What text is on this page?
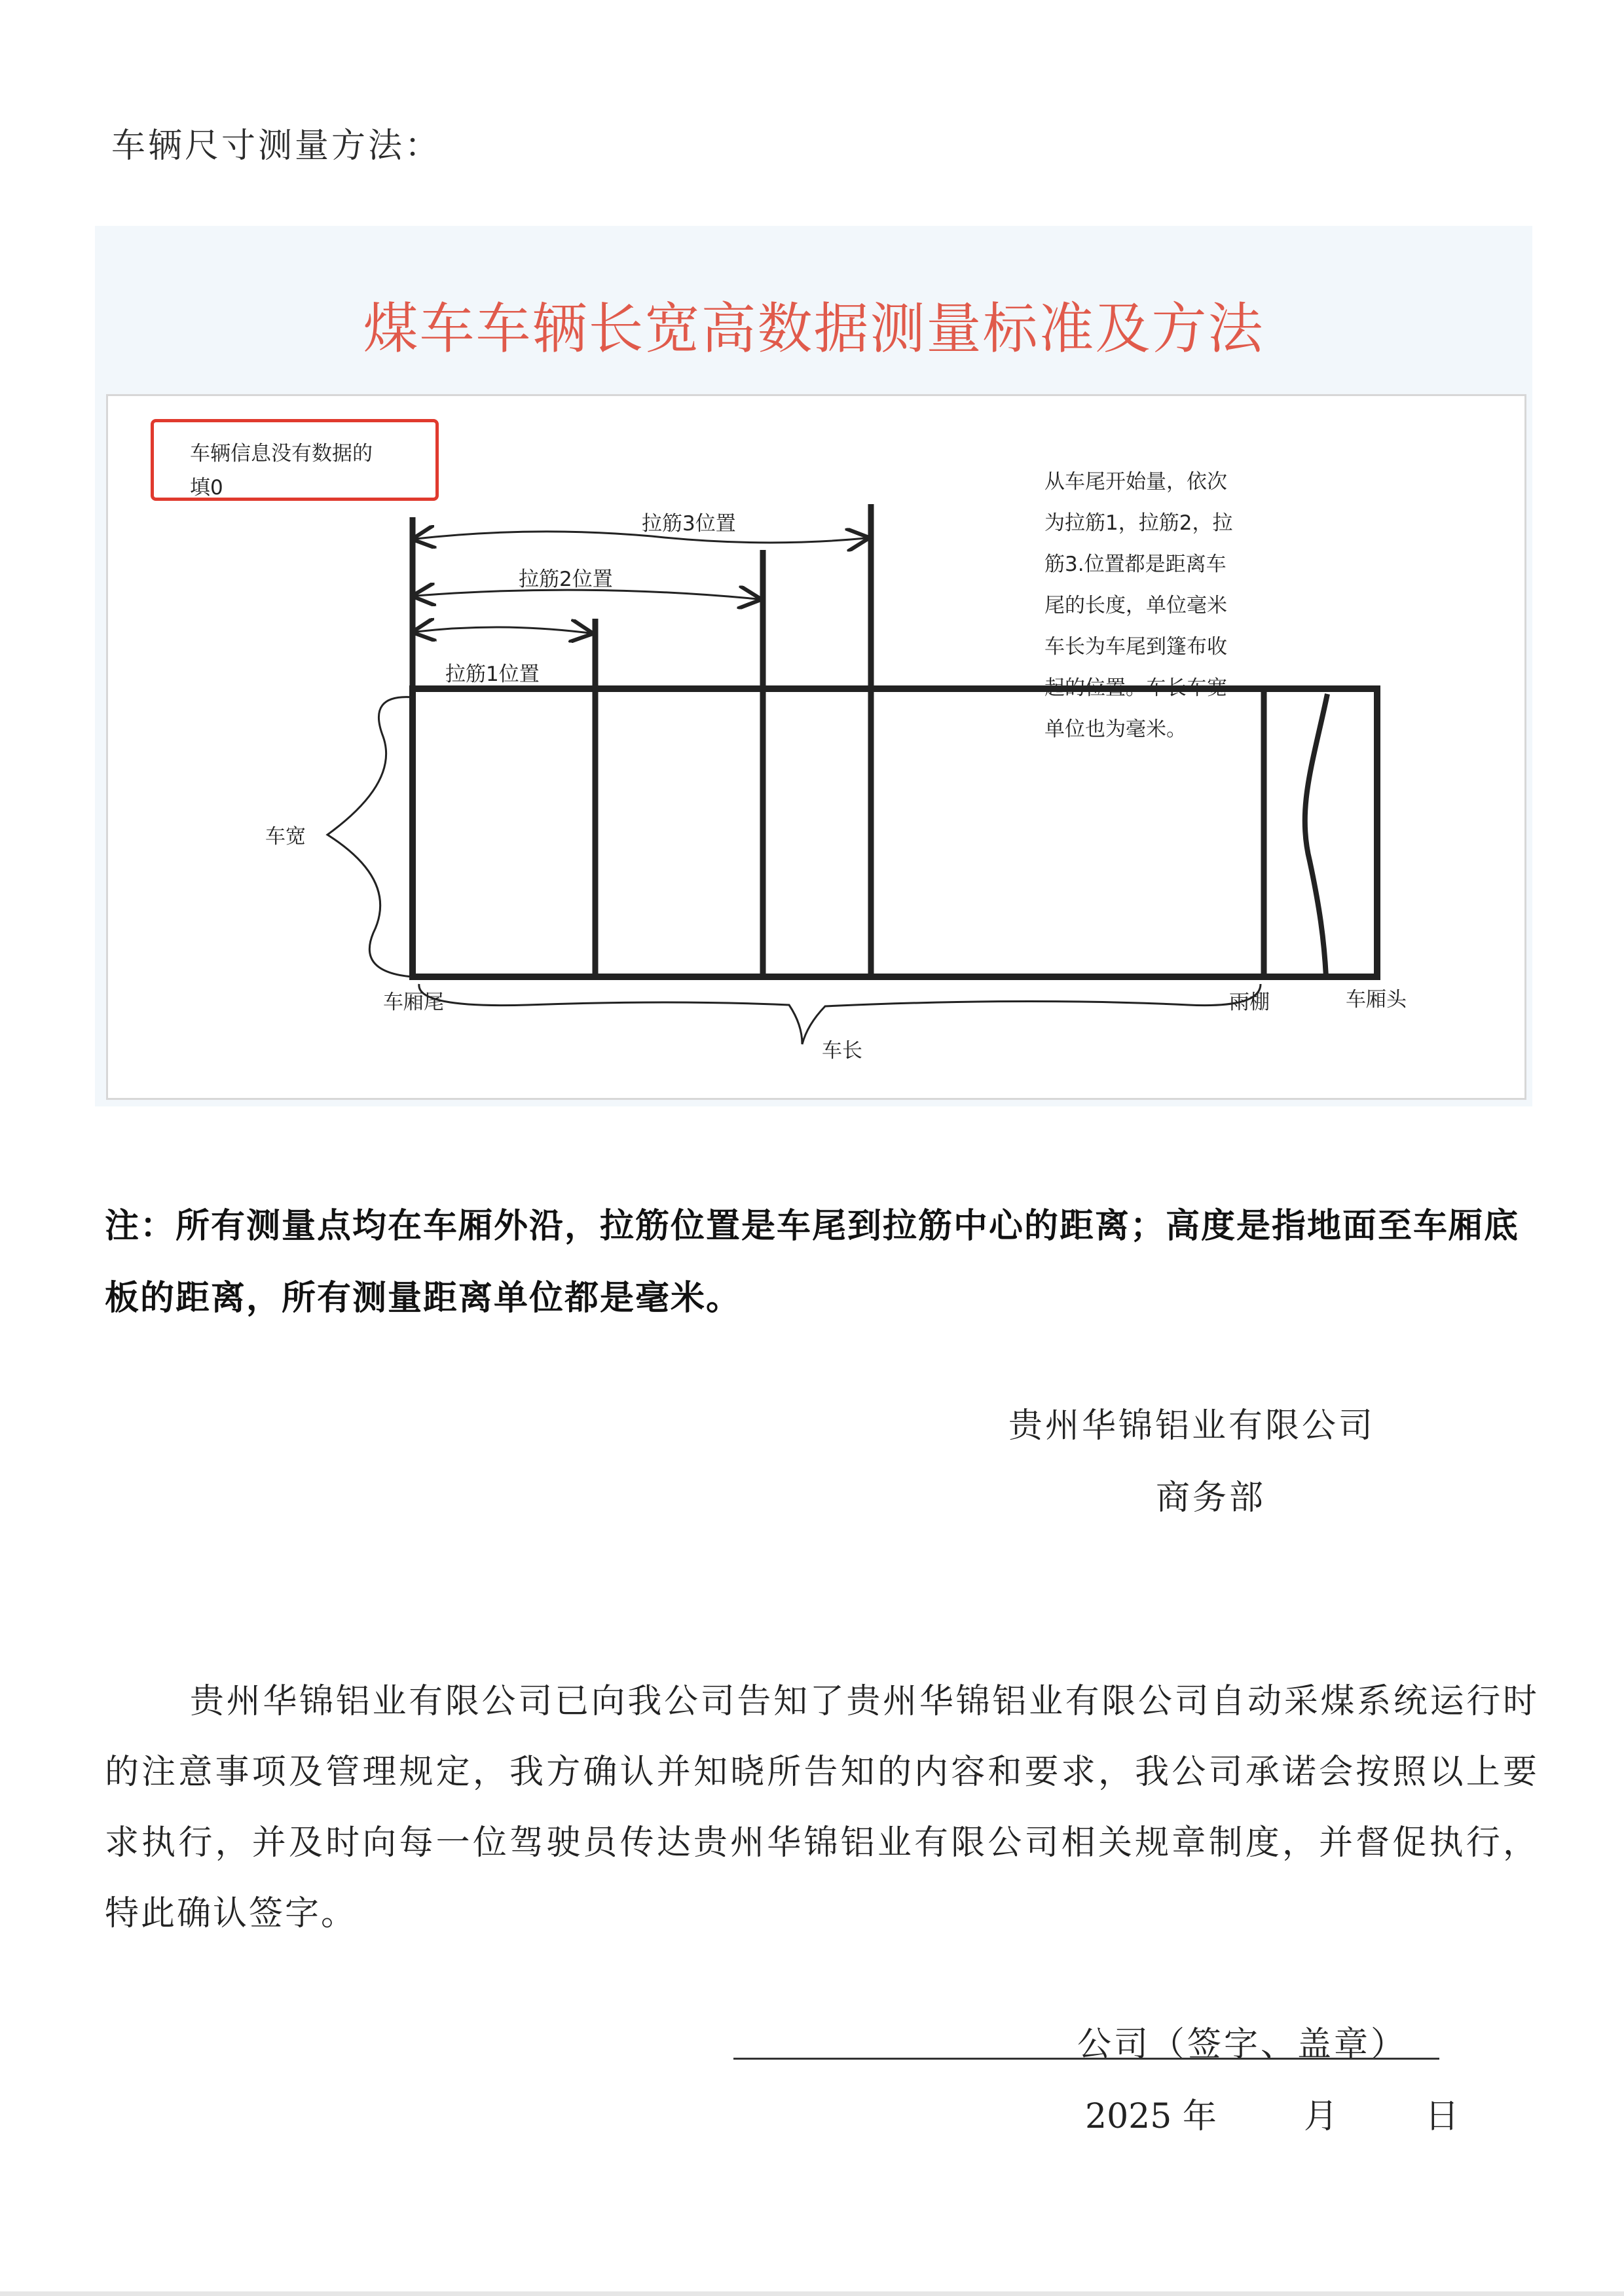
车辆尺寸测量方法：
煤车车辆长宽高数据测量标准及方法
拉筋1位置
拉筋2位置
拉筋3位置
车宽
车厢尾	雨棚	车厢头
车长
车辆信息没有数据的
填0	从车尾开始量，依次
为拉筋1，拉筋2，拉
筋3.位置都是距离车
尾的长度，单位毫米
车长为车尾到篷布收
起的位置。车长车宽
单位也为毫米。

注：所有测量点均在车厢外沿，拉筋位置是车尾到拉筋中心的距离；高度是指地面至车厢底板的距离，所有测量距离单位都是毫米。

贵州华锦铝业有限公司
商务部

贵州华锦铝业有限公司已向我公司告知了贵州华锦铝业有限公司自动采煤系统运行时的注意事项及管理规定，我方确认并知晓所告知的内容和要求，我公司承诺会按照以上要求执行，并及时向每一位驾驶员传达贵州华锦铝业有限公司相关规章制度，并督促执行，特此确认签字。

公司（签字、盖章）
2025 年	月	日
